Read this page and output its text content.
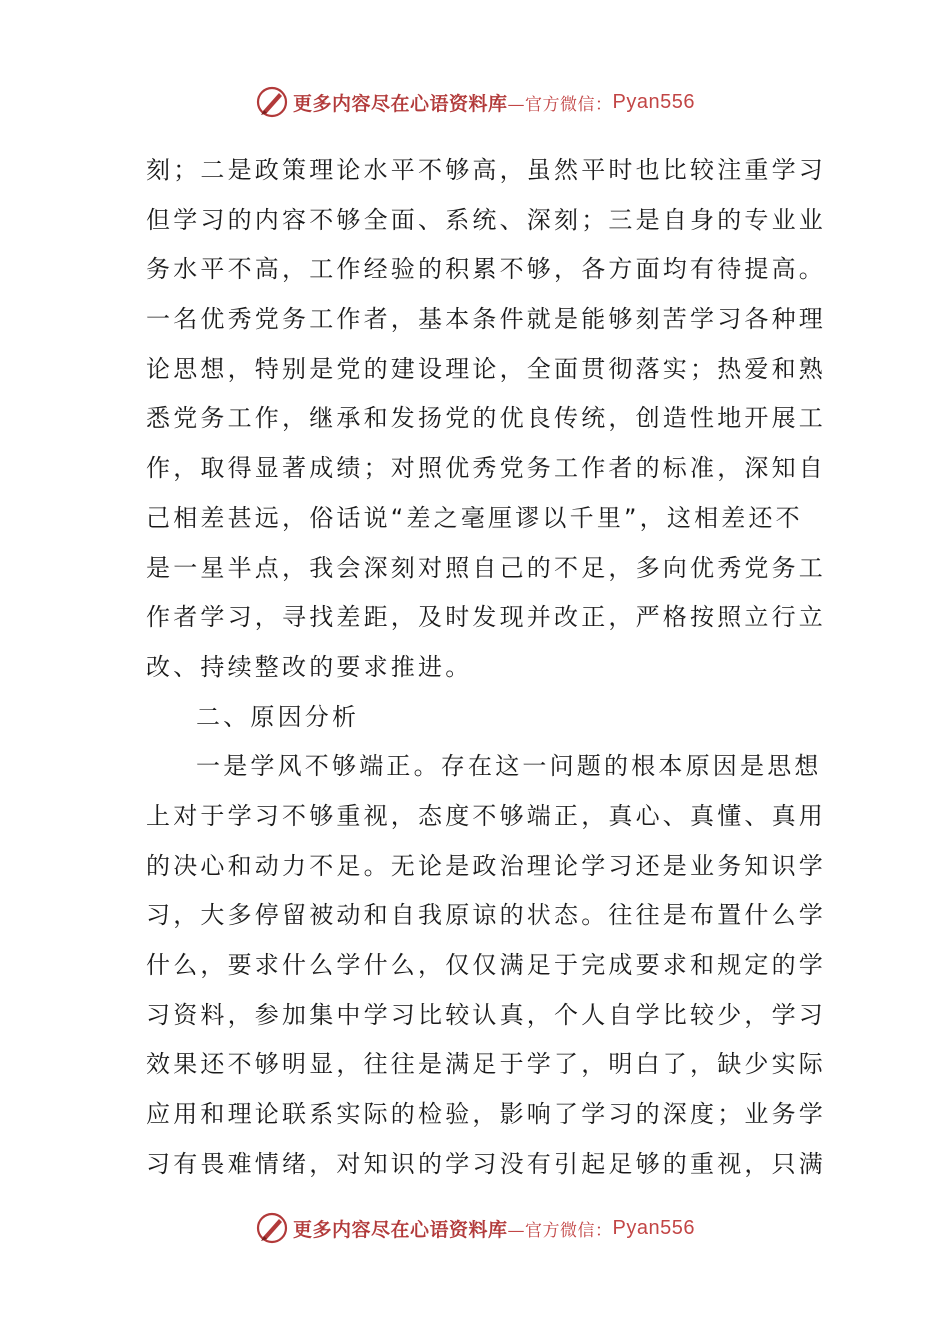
更多内容尽在心语资料库 —官方微信： Pyan556
刻；二是政策理论水平不够高，虽然平时也比较注重学习
但学习的内容不够全面、系统、深刻；三是自身的专业业
务水平不高，工作经验的积累不够，各方面均有待提高。
一名优秀党务工作者，基本条件就是能够刻苦学习各种理
论思想，特别是党的建设理论，全面贯彻落实；热爱和熟
悉党务工作，继承和发扬党的优良传统，创造性地开展工
作，取得显著成绩；对照优秀党务工作者的标准，深知自
己相差甚远，俗话说“差之毫厘谬以千里”，这相差还不
是一星半点，我会深刻对照自己的不足，多向优秀党务工
作者学习，寻找差距，及时发现并改正，严格按照立行立
改、持续整改的要求推进。
二、原因分析
一是学风不够端正。存在这一问题的根本原因是思想
上对于学习不够重视，态度不够端正，真心、真懂、真用
的决心和动力不足。无论是政治理论学习还是业务知识学
习，大多停留被动和自我原谅的状态。往往是布置什么学
什么，要求什么学什么，仅仅满足于完成要求和规定的学
习资料，参加集中学习比较认真，个人自学比较少，学习
效果还不够明显，往往是满足于学了，明白了，缺少实际
应用和理论联系实际的检验，影响了学习的深度；业务学
习有畏难情绪，对知识的学习没有引起足够的重视，只满
更多内容尽在心语资料库 —官方微信： Pyan556
